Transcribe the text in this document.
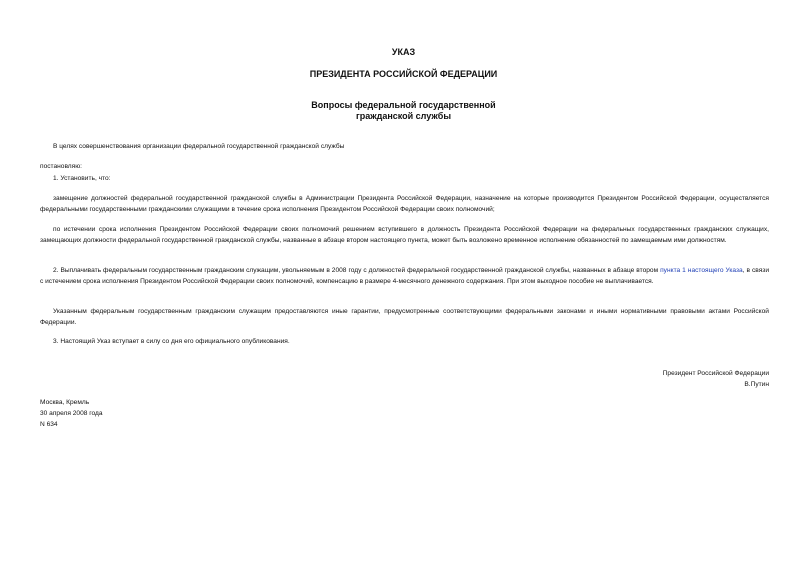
УКАЗ
ПРЕЗИДЕНТА РОССИЙСКОЙ ФЕДЕРАЦИИ
Вопросы федеральной государственной
гражданской службы
В целях совершенствования организации федеральной государственной гражданской службы
постановляю:
1. Установить, что:
замещение должностей федеральной государственной гражданской службы в Администрации Президента Российской Федерации, назначение на которые производится Президентом Российской Федерации, осуществляется федеральными государственными гражданскими служащими в течение срока исполнения Президентом Российской Федерации своих полномочий;
по истечении срока исполнения Президентом Российской Федерации своих полномочий решением вступившего в должность Президента Российской Федерации на федеральных государственных гражданских служащих, замещающих должности федеральной государственной гражданской службы, названные в абзаце втором настоящего пункта, может быть возложено временное исполнение обязанностей по замещаемым ими должностям.
2. Выплачивать федеральным государственным гражданским служащим, увольняемым в 2008 году с должностей федеральной государственной гражданской службы, названных в абзаце втором пункта 1 настоящего Указа, в связи с истечением срока исполнения Президентом Российской Федерации своих полномочий, компенсацию в размере 4-месячного денежного содержания. При этом выходное пособие не выплачивается.
Указанным федеральным государственным гражданским служащим предоставляются иные гарантии, предусмотренные соответствующими федеральными законами и иными нормативными правовыми актами Российской Федерации.
3. Настоящий Указ вступает в силу со дня его официального опубликования.
Президент Российской Федерации
В.Путин
Москва, Кремль
30 апреля 2008 года
N 634
